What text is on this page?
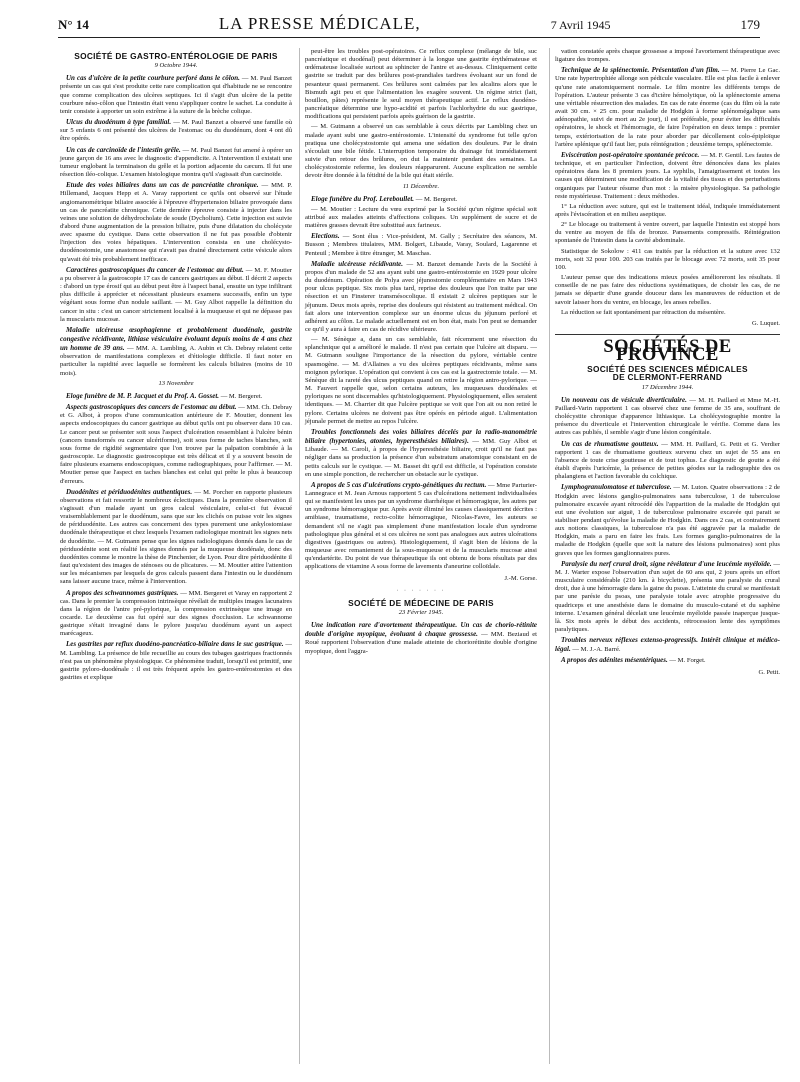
N° 14	LA PRESSE MÉDICALE,	7 Avril 1945	179
SOCIÉTÉ DE GASTRO-ENTÉROLOGIE DE PARIS
9 Octobre 1944.

Un cas d'ulcère de la petite courbure perforé dans le côlon. — M. Paul Banzet présente un cas qui s'est produite cette rare complication qui d'habitude ne se rencontre que comme complication des ulcères septiques. Ici il s'agit d'un ulcère de la petite courbure néso-côlon que l'intestin était venu s'appliquer contre le sachet. La conduite à tenir consiste à apporter un soin extrême à la suture de la brèche colique.

Ulcus du duodénum à type familial. — M. Paul Banzet a observé une famille où sur 5 enfants 6 ont présenté des ulcères de l'estomac ou du duodénum, dont 4 ont dû être opérés.

Un cas de carcinoïde de l'intestin grêle. — M. Paul Banzet fut amené à opérer un jeune garçon de 16 ans avec le diagnostic d'appendicite. A l'intervention il existait une tumeur englobant la terminaison du grêle et la portion adjacente du cæcum. Il fut une résection iléo-colique. L'examen histologique montra qu'il s'agissait d'un carcinoïde.

Etude des voies biliaires dans un cas de pancréatite chronique. — MM. P. Hillemand, Jacques Hepp et A. Varay rapportent ce qu'ils ont observé sur l'étude angiomanométrique biliaire associée à l'épreuve d'hypertension biliaire provoquée dans un cas de pancréatite chronique. Cette dernière épreuve consiste à injecter dans les veines une solution de déhydrocholate de soude (Dycholium). Cette injection est suivie d'abord d'une augmentation de la pression biliaire, puis d'une dilatation du cholécyste avec spasme du cystique. Dans cette observation il ne fut pas possible d'obtenir l'injection des voies hépatiques. L'intervention consista en une cholécysto-duodénostomie, une anastomose qui n'avait pas drainé directement cette vésicule alors qu'avait été très probablement inefficace.

Caractères gastroscopiques du cancer de l'estomac au début. — M. F. Moutier a pu observer à la gastroscopie 17 cas de cancers gastriques au début. Il décrit 2 aspects : d'abord un type érosif qui au début peut être à l'aspect banal, ensuite un type infiltrant plus difficile à apprécier et nécessitant plusieurs examens successifs, enfin un type végétant sous forme d'un nodule saillant. — M. Guy Albot rappelle la définition du cancer in situ : c'est un cancer strictement localisé à la muqueuse et qui ne dépasse pas la muscularis mucosæ.

Maladie ulcéreuse œsophagienne et probablement duodénale, gastrite congestive récidivante, lithiase vésiculaire évoluant depuis moins de 4 ans chez un homme de 39 ans. — MM. A. Lambling, A. Aubin et Ch. Debray relatent cette observation de manifestations complexes et d'étiologie difficile. Il faut noter en particulier la rapidité avec laquelle se formèrent les calculs biliaires (moins de 10 mois).

13 Novembre

Eloge funèbre de M. P. Jacquet et du Prof. A. Gosset. — M. Bergeret.

Aspects gastroscopiques des cancers de l'estomac au début. — MM. Ch. Debray et G. Albot, à propos d'une communication antérieure de F. Moutier, donnent les aspects endoscopiques du cancer gastrique au début qu'ils ont pu observer dans 10 cas. Le cancer peut se présenter soit sous l'aspect d'ulcération ressemblant à l'ulcère bénin (cancers transformés ou cancer ulcériforme), soit sous forme de taches blanches, soit sous forme de rigidité segmentaire que l'on trouve par la palpation combinée à la gastroscopie. Le diagnostic gastroscopique est très délicat et il y a souvent besoin de faire plusieurs examens endoscopiques, comme radiographiques, pour l'affirmer. — M. Moutier pense que l'aspect en taches blanches est celui qui prête le plus à beaucoup d'erreurs.

Duodénites et périduodénites authentiques. — M. Porcher en rapporte plusieurs observations et fait ressortir le nombreux éclectiques. Dans la première observation il s'agissait d'un malade ayant un gros calcul vésiculaire, celui-ci fut évacué vraisemblablement par le duodénum, sans que sur les clichés on puisse voir les signes de périduodénite. Les autres cas concernent des types purement une ankylostomiase duodénale thérapeutique et chez lesquels l'examen radiologique montrait les signes nets de duodénite. — M. Gutmann pense que les signes radiologiques donnés dans le cas de périduodénite sont en réalité les signes donnés par la muqueuse duodénale, donc des duodénites comme le montre la thèse de Pinchenier, de Lyon. Pour dire périduodénite il faut qu'existent des images de sténoses ou de plicatures. — M. Moutier attire l'attention sur les mécanismes par lesquels de gros calculs passent dans l'intestin ou le duodénum sans laisser aucune trace, même à l'intervention.

A propos des schwannomes gastriques. — MM. Bergeret et Varay en rapportent 2 cas. Dans le premier la compression intrinsèque révélait de multiples images lacunaires dans la région de l'antre pré-pylorique, la compression extrinsèque une image en cocarde. Le deuxième cas fut opéré sur des signes d'occlusion. Le schwannome gastrique s'était invaginé dans le pylore jusqu'au duodénum ayant un aspect marécageux.

Les gastrites par reflux duodéno-pancréatico-biliaire dans le suc gastrique. — M. Lambling. La présence de bile recueillie au cours des tubages gastriques fractionnés n'est pas un phénomène physiologique. Ce phénomène traduit, lorsqu'il est primitif, une gastrite pyloro-duodénale : il est très fréquent après les gastro-entérostomies et des gastrites et explique

peut-être les troubles post-opératoires. Ce reflux complexe (mélange de bile, suc pancréatique et duodénal) peut déterminer à la longue une gastrite érythémateuse et œdémateuse localisée surtout au sphincter de l'antre et au-dessus. Cliniquement cette gastrite se traduit par des brûlures post-prandiales tardives évoluant sur un fond de pesanteur quasi permanent. Ces brûlures sont calmées par les alcalins alors que le Bismuth agit peu et que l'alimentation les exagère souvent. Un régime strict (lait, bouillon, pâtes) représente le seul moyen thérapeutique actif. Le reflux duodéno-pancréatique détermine une hypo-acidité et parfois l'achlorhydrie du suc gastrique, modifications qui persistent parfois après guérison de la gastrite.

— M. Gutmann a observé un cas semblable à ceux décrits par Lambling chez un malade ayant subi une gastro-entérostomie. L'intensité du syndrome fut telle qu'on pratiqua une cholécystostomie qui amena une sédation des douleurs. Par le drain s'écoulait une bile fétide. L'interruption temporaire du drainage fut immédiatement suivie d'un retour des brûlures, on dut la maintenir pendant des semaines. La cholécystostomie referme, les douleurs réapparurent. Aucune explication ne semble devoir être donnée à la fétidité de la bile qui était stérile.

11 Décembre.

Eloge funèbre du Prof. Lereboullet. — M. Bergeret.

— M. Moutier : Lecture du vœu exprimé par la Société qu'un régime spécial soit attribué aux malades atteints d'affections coliques. Un supplément de sucre et de matières grasses devrait être substitué aux farineux.

Elections. — Sont élus : Vice-président, M. Gally ; Secrétaire des séances, M. Busson ; Membres titulaires, MM. Bolgert, Libaude, Varay, Soulard, Lagarenne et Penteuil ; Membre à titre étranger, M. Maschas.

Maladie ulcéreuse récidivante. — M. Banzet demande l'avis de la Société à propos d'un malade de 52 ans ayant subi une gastro-entérostomie en 1929 pour ulcère du duodénum. Opération de Polya avec jéjunostomie complémentaire en Mars 1943 pour ulcus peptique. Six mois plus tard, reprise des douleurs que l'on traite par une résection et un Finsterer transmésocolique. Il existait 2 ulcères peptiques sur le jéjunum. Deux mois après, reprise des douleurs qui résistent au traitement médical. On fait alors une intervention complexe sur un énorme ulcus du jéjunum perforé et adhérent au côlon. Le malade actuellement est en bon état, mais l'on peut se demander ce qu'il y aura à faire en cas de récidive ultérieure.

— M. Sénèque a, dans un cas semblable, fait récemment une résection du splanchnique qui a amélioré le malade. Il n'est pas certain que l'ulcère ait disparu. — M. Gutmann souligne l'importance de la résection du pylore, véritable centre spasmogène. — M. d'Allaines a vu des ulcères peptiques récidivants, même sans moignon pylorique. L'opération qui convient à ces cas est la gastrectomie totale. — M. Sénèque dit la rareté des ulcus peptiques quand on retire la région antro-pylorique. — M. Fauvert rappelle que, selon certains auteurs, les muqueuses duodénales et pyloriques ne sont discernables qu'histologiquement. Physiologiquement, elles seraient identiques. — M. Charrier dit que l'ulcère peptique se voit que l'on ait ou non retiré le pylore. Certains ulcères ne doivent pas être opérés en période aiguë. L'alimentation jéjunale permet de mettre au repos l'ulcère.

Troubles fonctionnels des voies biliaires décelés par la radio-manométrie biliaire (hypertonies, atonies, hyperesthésies biliaires). — MM. Guy Albot et Libaude. — M. Caroli, à propos de l'hyperesthésie biliaire, croit qu'il ne faut pas négliger dans sa production la présence d'un substratum anatomique consistant en de petits calculs sur le cystique. — M. Basset dit qu'il est difficile, si l'opération consiste en une simple ponction, de rechercher un obstacle sur le cystique.

A propos de 5 cas d'ulcérations crypto-génétiques du rectum. — Mme Parturier-Lannegrace et M. Jean Arnous rapportent 5 cas d'ulcérations nettement individualisées qui se manifestent les unes par un syndrome diarrhéique et hémorragique, les autres par un syndrome hémorragique pur. Après avoir éliminé les causes classiquement décrites : amibiase, traumatisme, recto-colite hémorragique, Nicolas-Favre, les auteurs se demandent s'il ne s'agit pas simplement d'une manifestation locale d'un syndrome pathologique plus général et si ces ulcères ne sont pas analogues aux autres ulcérations digestives (gastriques ou autres). Histologiquement, il s'agit bien de lésions de la muqueuse avec remaniement de la sous-muqueuse et de la muscularis mucosæ ainsi qu'endartérite. Du point de vue thérapeutique ils ont obtenu de bons résultats par des applications de vitamine A sous forme de lavements d'aneurine colloïdale.

J.-M. Gorse.
· · · · · · ·
SOCIÉTÉ DE MÉDECINE DE PARIS
23 Février 1945.

Une indication rare d'avortement thérapeutique. Un cas de chorio-rétinite double d'origine myopique, évoluant à chaque grossesse. — MM. Beziaud et Roué rapportent l'observation d'une malade atteinte de choriorétinite double d'origine myopique, dont l'aggra-

vation constatée après chaque grossesse a imposé l'avortement thérapeutique avec ligature des trompes.

Technique de la splénectomie. Présentation d'un film. — M. Pierre Le Gac. Une rate hypertrophiée allonge son pédicule vasculaire. Elle est plus facile à enlever qu'une rate anatomiquement normale. Le film montre les différents temps de l'opération. L'auteur présente 3 cas d'ictère hémolytique, où la splénectomie amena une véritable résurrection des malades. En cas de rate énorme (cas du film où la rate avait 30 cm. × 25 cm. pour maladie de Hodgkin à forme splénomégalique sans adénopathie, suivi de mort au 2e jour), il est préférable, pour éviter les difficultés opératoires, le shock et l'hémorragie, de faire l'opération en deux temps : premier temps, extériorisation de la rate pour aborder par décollement colo-épiploïque l'artère splénique qu'il faut lier, puis réintégration ; deuxième temps, splénectomie.

Eviscération post-opératoire spontanée précoce. — M. F. Gentil. Les fautes de technique, et en particulier l'infection, doivent être dénoncées dans les plaies opératoires dans les 8 premiers jours. La syphilis, l'amaigrissement et toutes les causes qui déterminent une modification de la vitalité des tissus et des perturbations organiques par l'auteur résume d'un mot : la misère physiologique. Sa pathologie reste mystérieuse. Traitement : deux méthodes.

1° La réduction avec suture, qui est le traitement idéal, indiquée immédiatement après l'éviscération et en milieu aseptique.

2° Le blocage ou traitement à ventre ouvert, par laquelle l'intestin est stoppé hors du ventre au moyen de fils de bronze. Pansements compressifs. Réintégration spontanée de l'intestin dans la cavité abdominale.

Statistique de Sokolow : 411 cas traités par la réduction et la suture avec 132 morts, soit 32 pour 100. 203 cas traités par le blocage avec 72 morts, soit 35 pour 100.

L'auteur pense que des indications mieux posées amélioreront les résultats. Il conseille de ne pas faire des réductions systématiques, de choisir les cas, de ne jamais se départir d'une grande douceur dans les manœuvres de réduction et de savoir laisser hors du ventre, en blocage, les anses rebelles.

La réduction se fait spontanément par rétraction du mésentère.

G. Luquet.
SOCIÉTÉS DE PROVINCE
SOCIÉTÉ DES SCIENCES MÉDICALES
DE CLERMONT-FERRAND
17 Décembre 1944.

Un nouveau cas de vésicule diverticulaire. — M. H. Paillard et Mme M.-H. Paillard-Varin rapportent 1 cas observé chez une femme de 35 ans, souffrant de cholécystite chronique d'apparence lithiasique. La cholécystographie montre la présence du diverticule et l'intervention chirurgicale le vérifie. Comme dans les autres cas publiés, il semble s'agir d'une lésion congénitale.

Un cas de rhumatisme goutteux. — MM. H. Paillard, G. Petit et G. Verdier rapportent 1 cas de rhumatisme goutteux survenu chez un sujet de 55 ans en l'absence de toute crise goutteuse et de tout tophus. Le diagnostic de goutte a été établi d'après l'uricémie, la présence de petites géodes sur la radiographie des os phalangiens et l'action favorable du colchique.

Lymphogranulomatose et tuberculose. — M. Luton. Quatre observations : 2 de Hodgkin avec lésions ganglio-pulmonaires sans tuberculose, 1 de tuberculose pulmonaire excavée ayant rétrocédé dès l'apparition de la maladie de Hodgkin qui eut une évolution sur aiguë, 1 de tuberculose pulmonaire excavée qui parait se stabiliser pendant qu'évolue la maladie de Hodgkin. Dans ces 2 cas, et contrairement aux notions classiques, la tuberculose n'a pas été aggravée par la maladie de Hodgkin, mais a paru en faire les frais. Les formes ganglio-pulmonaires de la maladie de Hodgkin (quelle que soit la nature des lésions pulmonaires) sont plus graves que les formes ganglionnaires pures.

Paralysie du nerf crural droit, signe révélateur d'une leucémie myéloïde. — M. J. Warter expose l'observation d'un sujet de 60 ans qui, 2 jours après un effort musculaire considérable (210 km. à bicyclette), présenta une paralysie du crural droit, due à une hémorragie dans la gaine du psoas. L'atteinte du crural se manifestait par une parésie du psoas, une paralysie totale avec atrophie progressive du quadriceps et une anesthésie dans le domaine du musculo-cutané et du saphène interne. L'examen général décelait une leucémie myéloïde passée inaperçue jusque-là. Six mois après le début des accidents, rétrocession lente des symptômes paralytiques.

Troubles nerveux réflexes extenso-progressifs. Intérêt clinique et médico-légal. — M. J.-A. Barré.

A propos des adénites mésentériques. — M. Forget.

G. Petit.
